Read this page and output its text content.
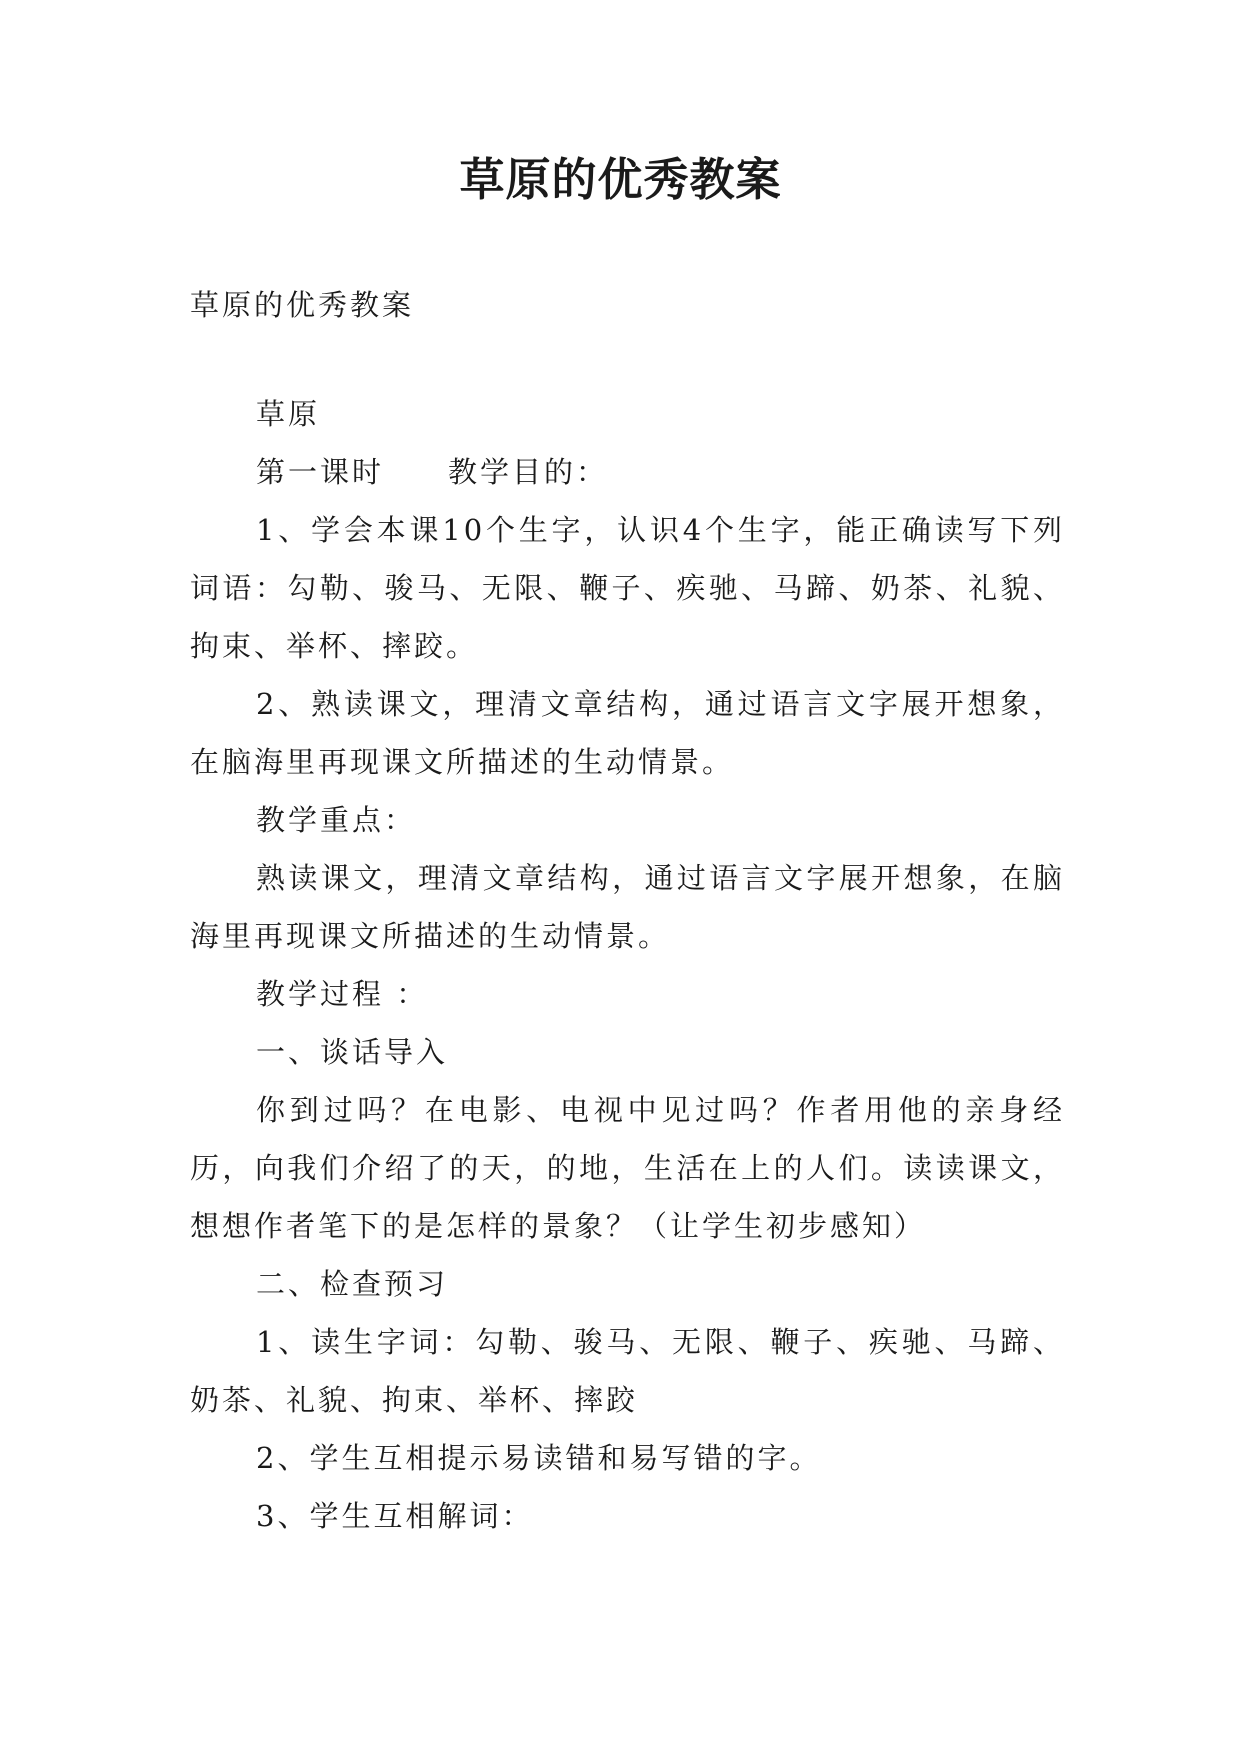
草原的优秀教案

草原的优秀教案

草原

第一课时　　教学目的：

1、学会本课10个生字，认识4个生字，能正确读写下列词语：勾勒、骏马、无限、鞭子、疾驰、马蹄、奶茶、礼貌、拘束、举杯、摔跤。

2、熟读课文，理清文章结构，通过语言文字展开想象，在脑海里再现课文所描述的生动情景。

教学重点：

熟读课文，理清文章结构，通过语言文字展开想象，在脑海里再现课文所描述的生动情景。

教学过程 ：

一、谈话导入

你到过吗？在电影、电视中见过吗？作者用他的亲身经历，向我们介绍了的天，的地，生活在上的人们。读读课文，想想作者笔下的是怎样的景象？（让学生初步感知）

二、检查预习

1、读生字词：勾勒、骏马、无限、鞭子、疾驰、马蹄、奶茶、礼貌、拘束、举杯、摔跤

2、学生互相提示易读错和易写错的字。

3、学生互相解词：
